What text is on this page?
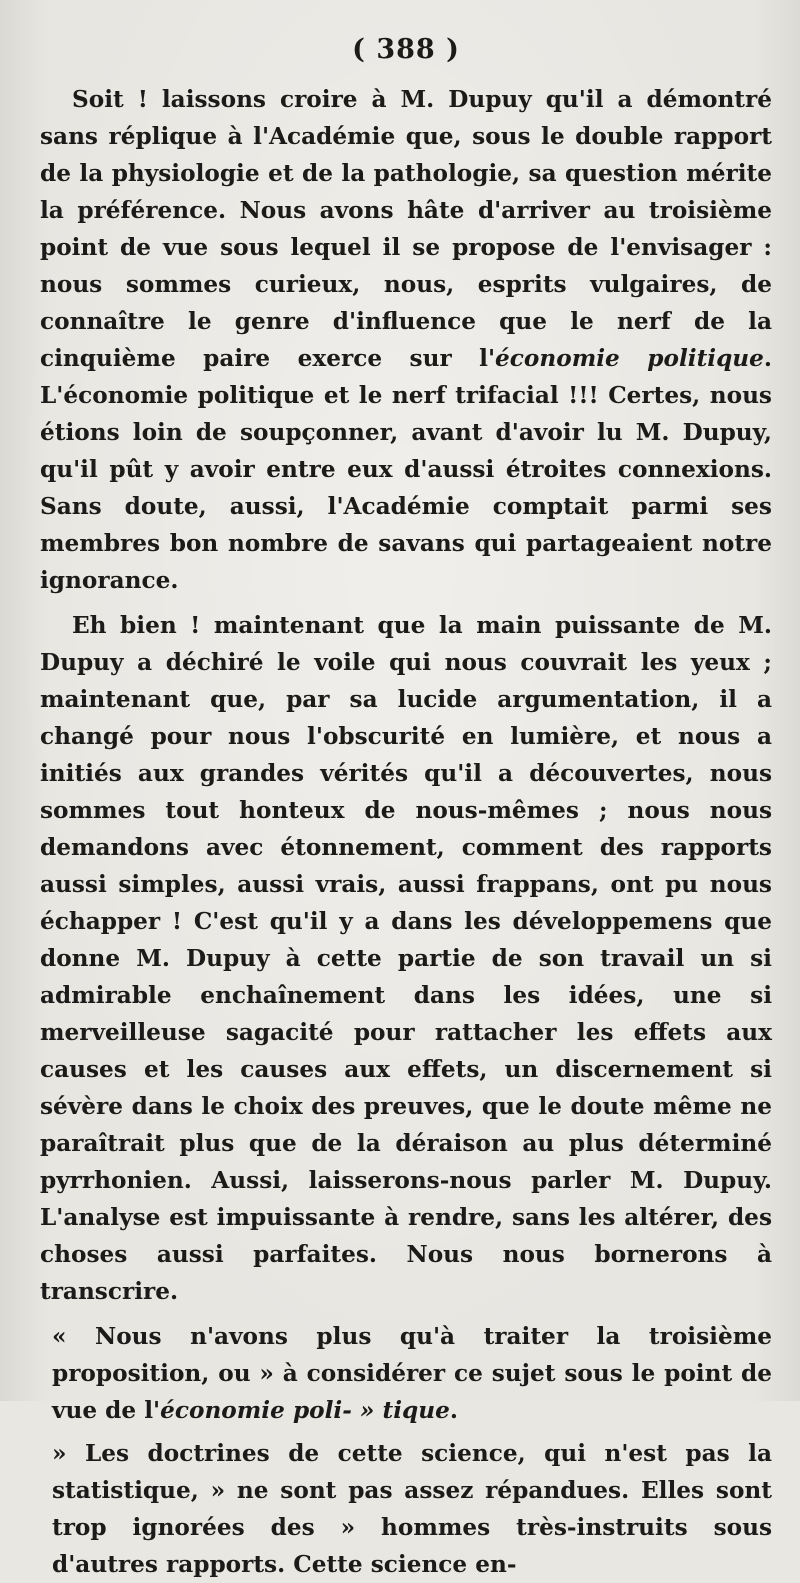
( 388 )

Soit ! laissons croire à M. Dupuy qu'il a démontré sans réplique à l'Académie que, sous le double rapport de la physiologie et de la pathologie, sa question mérite la préférence. Nous avons hâte d'arriver au troisième point de vue sous lequel il se propose de l'envisager : nous sommes curieux, nous, esprits vulgaires, de connaître le genre d'influence que le nerf de la cinquième paire exerce sur l'économie politique. L'économie politique et le nerf trifacial !!! Certes, nous étions loin de soupçonner, avant d'avoir lu M. Dupuy, qu'il pût y avoir entre eux d'aussi étroites connexions. Sans doute, aussi, l'Académie comptait parmi ses membres bon nombre de savans qui partageaient notre ignorance.

Eh bien ! maintenant que la main puissante de M. Dupuy a déchiré le voile qui nous couvrait les yeux ; maintenant que, par sa lucide argumentation, il a changé pour nous l'obscurité en lumière, et nous a initiés aux grandes vérités qu'il a découvertes, nous sommes tout honteux de nous-mêmes ; nous nous demandons avec étonnement, comment des rapports aussi simples, aussi vrais, aussi frappans, ont pu nous échapper ! C'est qu'il y a dans les développemens que donne M. Dupuy à cette partie de son travail un si admirable enchaînement dans les idées, une si merveilleuse sagacité pour rattacher les effets aux causes et les causes aux effets, un discernement si sévère dans le choix des preuves, que le doute même ne paraîtrait plus que de la déraison au plus déterminé pyrrhonien. Aussi, laisserons-nous parler M. Dupuy. L'analyse est impuissante à rendre, sans les altérer, des choses aussi parfaites. Nous nous bornerons à transcrire.

« Nous n'avons plus qu'à traiter la troisième proposition, ou » à considérer ce sujet sous le point de vue de l'économie poli- » tique.

» Les doctrines de cette science, qui n'est pas la statistique, » ne sont pas assez répandues. Elles sont trop ignorées des » hommes très-instruits sous d'autres rapports. Cette science en-
